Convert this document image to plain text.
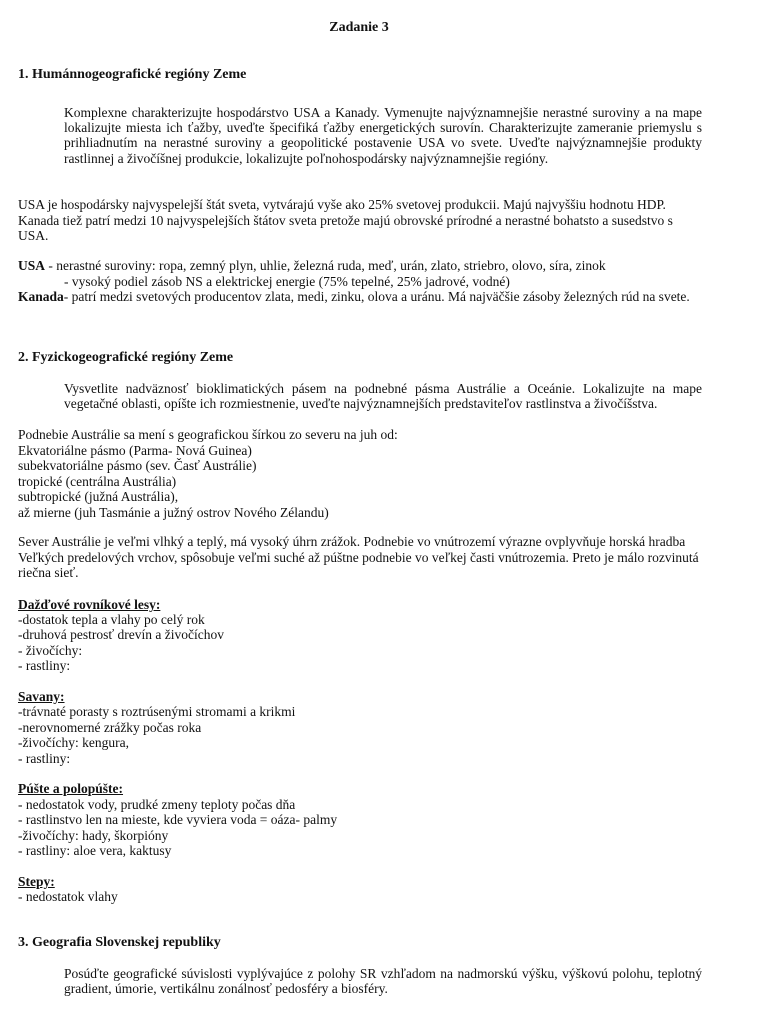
Zadanie 3
1. Humánnogeografické regióny Zeme
Komplexne charakterizujte hospodárstvo USA a Kanady. Vymenujte najvýznamnejšie nerastné suroviny a na mape lokalizujte miesta ich ťažby, uveďte špecifiká ťažby energetických surovín. Charakterizujte zameranie priemyslu s prihliadnutím na nerastné suroviny a geopolitické postavenie USA vo svete. Uveďte najvýznamnejšie produkty rastlinnej a živočíšnej produkcie, lokalizujte poľnohospodársky najvýznamnejšie regióny.
USA je hospodársky najvyspelejší štát sveta, vytvárajú vyše ako 25% svetovej produkcii. Majú najvyššiu hodnotu HDP. Kanada tiež patrí medzi 10 najvyspelejších štátov sveta pretože majú obrovské prírodné a nerastné bohatsto a susedstvo s USA.
USA - nerastné suroviny: ropa, zemný plyn, uhlie, železná ruda, meď, urán, zlato, striebro, olovo, síra, zinok
- vysoký podiel zásob NS a elektrickej energie (75% tepelné, 25% jadrové, vodné)
Kanada- patrí medzi svetových producentov zlata, medi, zinku, olova a uránu. Má najväčšie zásoby železných rúd na svete.
2. Fyzickogeografické regióny Zeme
Vysvetlite nadväznosť bioklimatických pásem na podnebné pásma Austrálie a Oceánie. Lokalizujte na mape vegetačné oblasti, opíšte ich rozmiestnenie, uveďte najvýznamnejších predstaviteľov rastlinstva a živočíšstva.
Podnebie Austrálie sa mení s geografickou šírkou zo severu na juh od:
Ekvatoriálne pásmo (Parma- Nová Guinea)
subekvatoriálne pásmo (sev. Časť Austrálie)
tropické (centrálna Austrália)
subtropické (južná Austrália),
až mierne (juh Tasmánie a južný ostrov Nového Zélandu)
Sever Austrálie je veľmi vlhký a teplý, má vysoký úhrn zrážok. Podnebie vo vnútrozemí výrazne ovplyvňuje horská hradba Veľkých predelových vrchov, spôsobuje veľmi suché až púštne podnebie vo veľkej časti vnútrozemia. Preto je málo rozvinutá riečna sieť.
Dažďové rovníkové lesy:
-dostatok tepla a vlahy po celý rok
-druhová pestrosť drevín a živočíchov
- živočíchy:
- rastliny:
Savany:
-trávnaté porasty s roztrúsenými stromami a krikmi
-nerovnomerné zrážky počas roka
-živočíchy: kengura,
- rastliny:
Púšte a polopúšte:
- nedostatok vody, prudké zmeny teploty počas dňa
- rastlinstvo len na mieste, kde vyviera voda = oáza- palmy
-živočíchy: hady, škorpióny
- rastliny: aloe vera, kaktusy
Stepy:
- nedostatok vlahy
3. Geografia Slovenskej republiky
Posúďte geografické súvislosti vyplývajúce z polohy SR vzhľadom na nadmorskú výšku, výškovú polohu, teplotný gradient, úmorie, vertikálnu zonálnosť pedosféry a biosféry.
